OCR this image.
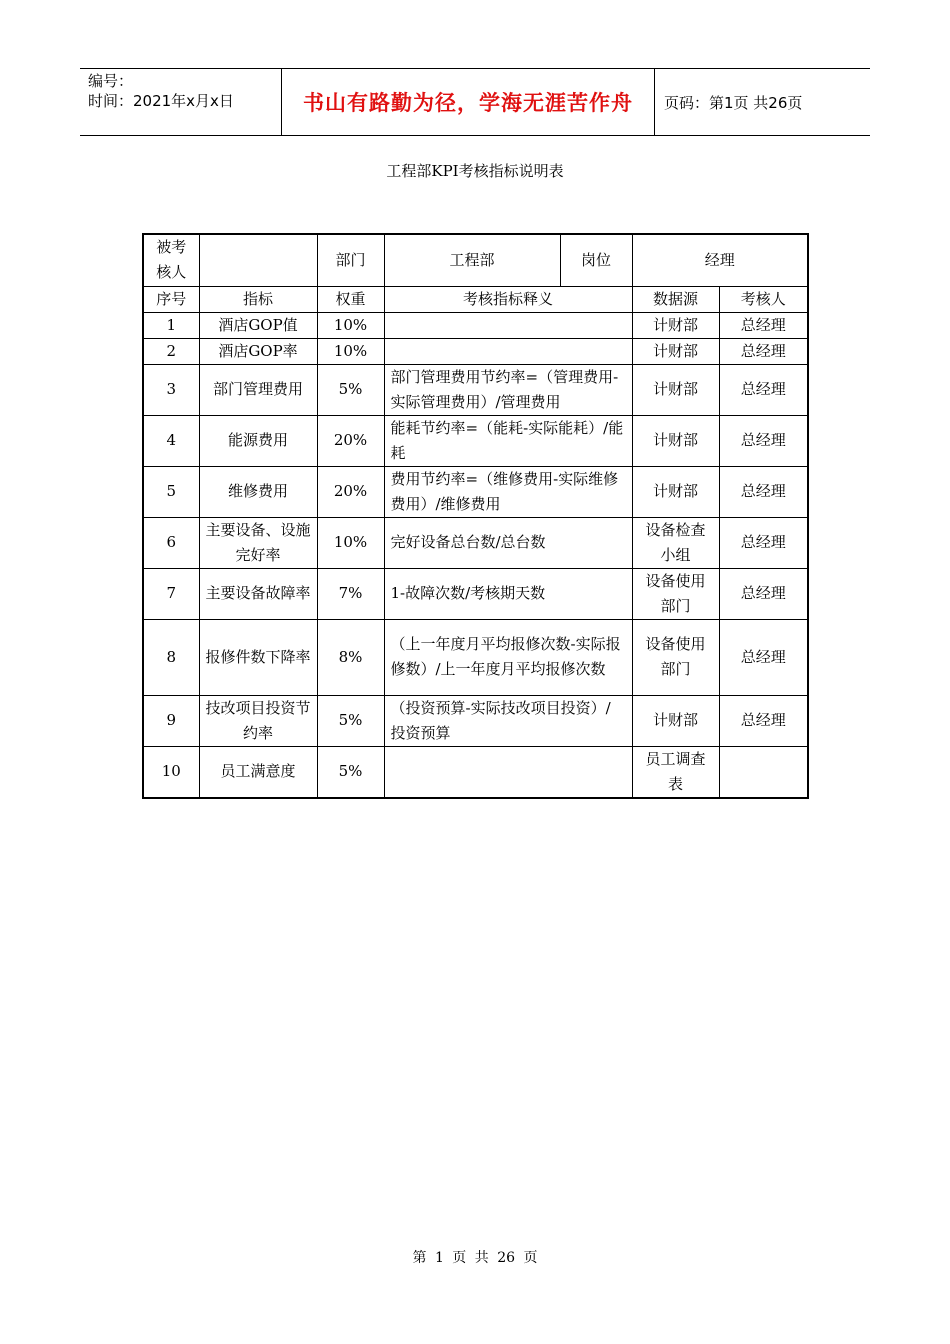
编号：
时间：2021年x月x日	书山有路勤为径，学海无涯苦作舟	页码：第1页 共26页
工程部KPI考核指标说明表
被考核人		部门	工程部	岗位	经理	
序号	指标	权重	考核指标释义		数据源	考核人
1	酒店GOP值	10%			计财部	总经理
2	酒店GOP率	10%			计财部	总经理
3	部门管理费用	5%	部门管理费用节约率=（管理费用-实际管理费用）/管理费用		计财部	总经理
4	能源费用	20%	能耗节约率=（能耗-实际能耗）/能耗		计财部	总经理
5	维修费用	20%	费用节约率=（维修费用-实际维修费用）/维修费用		计财部	总经理
6	主要设备、设施完好率	10%	完好设备总台数/总台数		设备检查小组	总经理
7	主要设备故障率	7%	1-故障次数/考核期天数		设备使用部门	总经理
8	报修件数下降率	8%	（上一年度月平均报修次数-实际报修数）/上一年度月平均报修次数		设备使用部门	总经理
9	技改项目投资节约率	5%	（投资预算-实际技改项目投资）/投资预算		计财部	总经理
10	员工满意度	5%			员工调查表	
第 1 页 共 26 页
